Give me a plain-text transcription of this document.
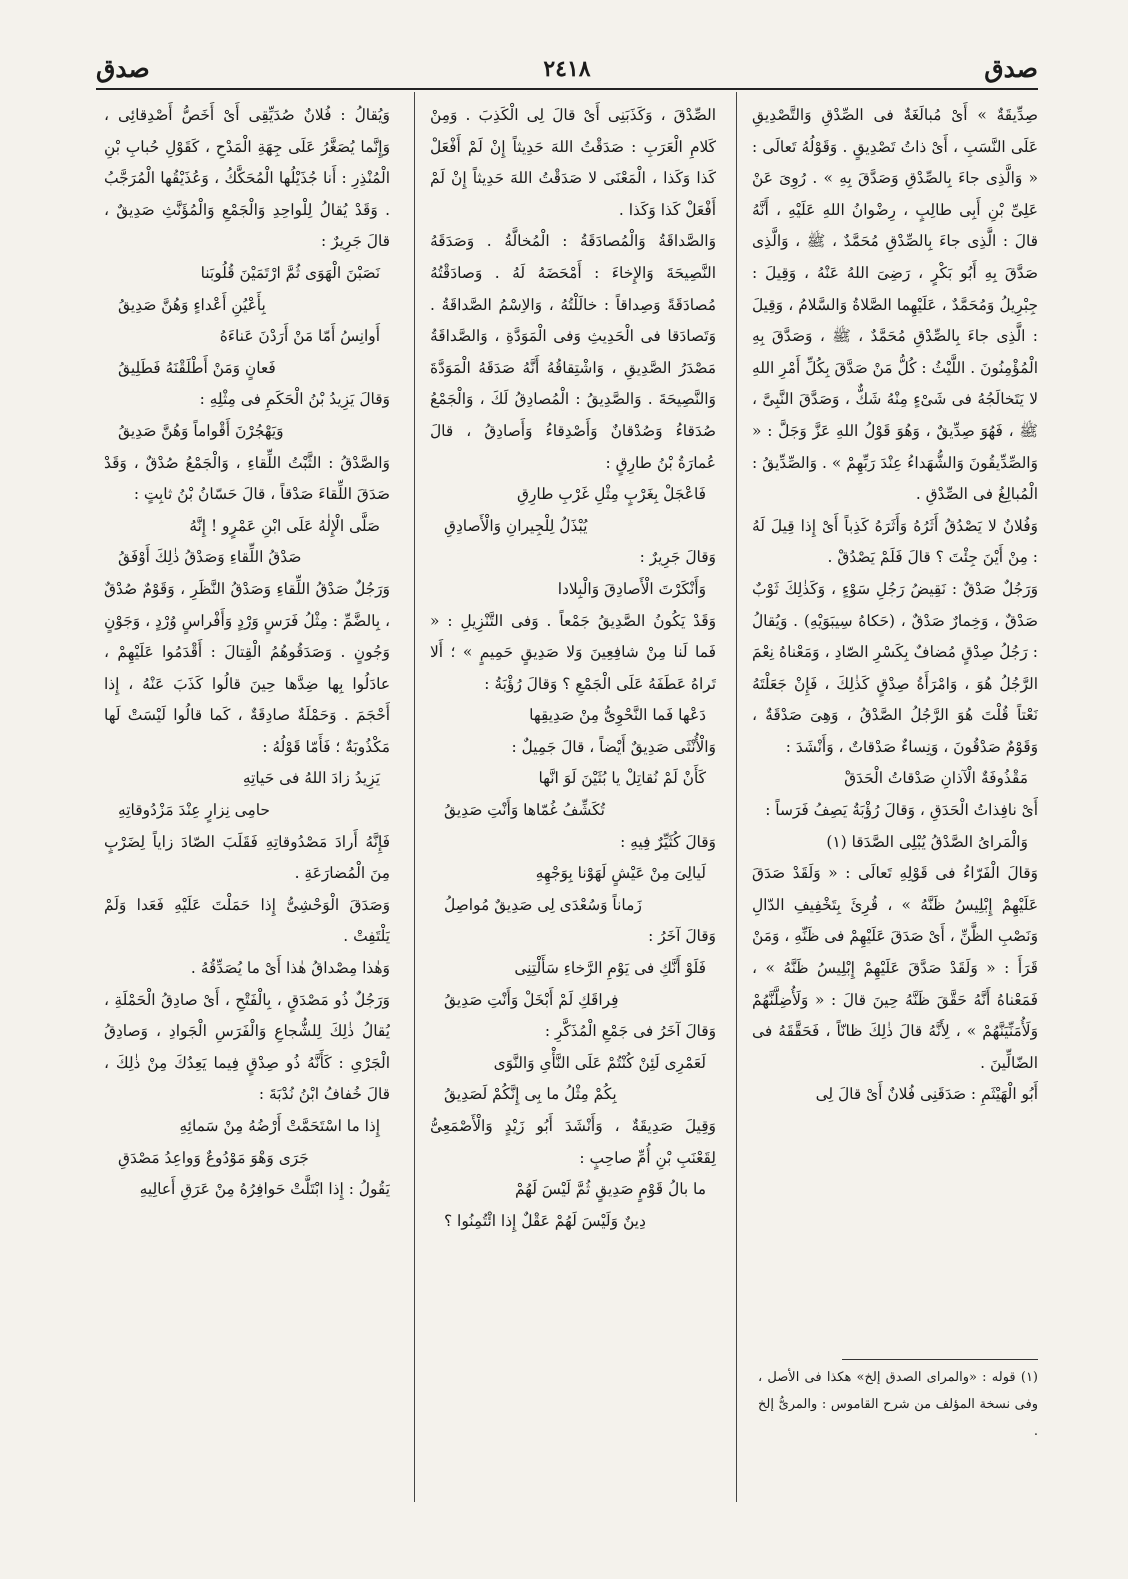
صدق
٢٤١٨
صدق

صِدِّيقَةٌ » أَىْ مُبالَغَةٌ فى الصِّدْقِ وَالتَّصْدِيقِ عَلَى النَّسَبِ ، أَىْ ذاتُ تَصْدِيقٍ . وَقَوْلُهُ تَعالَى : « وَالَّذِى جاءَ بِالصِّدْقِ وَصَدَّقَ بِهِ » . رُوِىَ عَنْ عَلِىِّ بْنِ أَبِى طالِبٍ ، رِضْوانُ اللهِ عَلَيْهِ ، أَنَّهُ قالَ : الَّذِى جاءَ بِالصِّدْقِ مُحَمَّدٌ ، ﷺ ، وَالَّذِى صَدَّقَ بِهِ أَبُو بَكْرٍ ، رَضِىَ اللهُ عَنْهُ ، وَقِيلَ : جِبْرِيلُ وَمُحَمَّدٌ ، عَلَيْهِما الصَّلاةُ وَالسَّلامُ ، وَقِيلَ : الَّذِى جاءَ بِالصِّدْقِ مُحَمَّدٌ ، ﷺ ، وَصَدَّقَ بِهِ الْمُؤْمِنُونَ . اللَّيْثُ : كُلُّ مَنْ صَدَّقَ بِكُلِّ أَمْرِ اللهِ لا يَتَخالَجُهُ فى شَىْءٍ مِنْهُ شَكٌّ ، وَصَدَّقَ النَّبِىَّ ، ﷺ ، فَهُوَ صِدِّيقٌ ، وَهُوَ قَوْلُ اللهِ عَزَّ وَجَلَّ : « وَالصِّدِّيقُونَ وَالشُّهَداءُ عِنْدَ رَبِّهِمْ » . وَالصِّدِّيقُ : الْمُبالِغُ فى الصِّدْقِ .

وَفُلانٌ لا يَصْدُقُ أَثَرُهُ وَأَثَرَهُ كَذِباً أَىْ إِذا قِيلَ لَهُ : مِنْ أَيْنَ جِئْتَ ؟ قالَ فَلَمْ يَصْدُقْ .

وَرَجُلٌ صَدْقٌ : نَقِيضُ رَجُلِ سَوْءٍ ، وَكَذٰلِكَ ثَوْبٌ صَدْقٌ ، وَخِمارٌ صَدْقٌ ، (حَكاهُ سِيبَوَيْهِ) . وَيُقالُ : رَجُلُ صِدْقٍ مُضافٌ بِكَسْرِ الصّادِ ، وَمَعْناهُ نِعْمَ الرَّجُلُ هُوَ ، وَامْرَأَةُ صِدْقٍ كَذٰلِكَ ، فَإِنْ جَعَلْتَهُ نَعْتاً قُلْتَ هُوَ الرَّجُلُ الصَّدْقُ ، وَهِىَ صَدْقَةٌ ، وَقَوْمٌ صَدْقُونَ ، وَنِساءٌ صَدْقاتٌ ، وَأَنْشَدَ :

مَقْذُوفَةٌ الْآذانِ صَدْقاتُ الْحَدَقْ

أَىْ نافِذاتُ الْحَدَقِ ، وَقالَ رُؤْبَةُ يَصِفُ فَرَساً :

وَالْمَراىُ الصَّدْقُ يُبْلِى الصَّدَقا (١)

وَقالَ الْفَرّاءُ فى قَوْلِهِ تَعالَى : « وَلَقَدْ صَدَقَ عَلَيْهِمْ إِبْلِيسُ ظَنَّهُ » ، قُرِئَ بِتَخْفِيفِ الدّالِ وَنَصْبِ الظَّنِّ ، أَىْ صَدَقَ عَلَيْهِمْ فى ظَنِّهِ ، وَمَنْ قَرَأَ : « وَلَقَدْ صَدَّقَ عَلَيْهِمْ إِبْلِيسُ ظَنَّهُ » ، فَمَعْناهُ أَنَّهُ حَقَّقَ ظَنَّهُ حِينَ قالَ : « وَلَأُضِلَّنَّهُمْ وَلَأُمَنِّيَنَّهُمْ » ، لِأَنَّهُ قالَ ذٰلِكَ ظانّاً ، فَحَقَّقَهُ فى الضّالِّينَ .

أَبُو الْهَيْثَمِ : صَدَقَنِى فُلانٌ أَىْ قالَ لِى

(١) قوله : «والمراى الصدق إلخ» هكذا فى الأصل ، وفى نسخة المؤلف من شرح القاموس : والمرىُّ إلخ .

الصِّدْقَ ، وَكَذَبَنِى أَىْ قالَ لِى الْكَذِبَ . وَمِنْ كَلامِ الْعَرَبِ : صَدَقْتُ اللهَ حَدِيثاً إِنْ لَمْ أَفْعَلْ كَذا وَكَذا ، الْمَعْنَى لا صَدَقْتُ اللهَ حَدِيثاً إِنْ لَمْ أَفْعَلْ كَذا وَكَذا .

وَالصَّداقَةُ وَالْمُصادَقَةُ : الْمُخالَّةُ . وَصَدَقَهُ النَّصِيحَةَ وَالإِخاءَ : أَمْحَضَهُ لَهُ . وَصادَقْتُهُ مُصادَقَةً وَصِداقاً : خالَلْتُهُ ، وَالاِسْمُ الصَّداقَةُ . وَتَصادَقا فى الْحَدِيثِ وَفى الْمَوَدَّةِ ، وَالصَّداقَةُ مَصْدَرُ الصَّدِيقِ ، وَاشْتِقاقُهُ أَنَّهُ صَدَقَهُ الْمَوَدَّةَ وَالنَّصِيحَةَ . وَالصَّدِيقُ : الْمُصادِقُ لَكَ ، وَالْجَمْعُ صُدَقاءُ وَصُدْقانٌ وَأَصْدِقاءُ وَأَصادِقُ ، قالَ عُمارَةُ بْنُ طارِقٍ :

فَاعْجَلْ بِغَرْبٍ مِثْلِ غَرْبِ طارِقِ
يُبْذَلُ لِلْجِيرانِ وَالْأَصادِقِ

وَقالَ جَرِيرٌ :

وَأَنْكَرْتَ الْأَصادِقَ وَالْبِلادا

وَقَدْ يَكُونُ الصَّدِيقُ جَمْعاً . وَفى التَّنْزِيلِ : « فَما لَنا مِنْ شافِعِينَ وَلا صَدِيقٍ حَمِيمٍ » ؛ أَلا تَراهُ عَطَفَهُ عَلَى الْجَمْعِ ؟ وَقالَ رُؤْبَةُ :

دَعْها فَما النَّحْوِىُّ مِنْ صَدِيقِها

وَالْأُنْثَى صَدِيقٌ أَيْضاً ، قالَ جَمِيلٌ :

كَأَنْ لَمْ نُقاتِلْ يا بُثَيْنَ لَوَ انَّها
تُكَشِّفُ غُمّاها وَأَنْتِ صَدِيقُ

وَقالَ كُثَيِّرٌ فِيهِ :

لَيالِىَ مِنْ عَيْشٍ لَهَوْنا بِوَجْهِهِ
زَماناً وَسُعْدَى لِى صَدِيقٌ مُواصِلُ

وَقالَ آخَرُ :

فَلَوْ أَنَّكِ فى يَوْمِ الرَّخاءِ سَأَلْتِنِى
فِراقَكِ لَمْ أَبْخَلْ وَأَنْتِ صَدِيقُ

وَقالَ آخَرُ فى جَمْعِ الْمُذَكَّرِ :

لَعَمْرِى لَئِنْ كُنْتُمْ عَلَى النَّأْىِ وَالنَّوَى
بِكُمْ مِثْلُ ما بِى إِنَّكُمْ لَصَدِيقُ

وَقِيلَ صَدِيقَةٌ ، وَأَنْشَدَ أَبُو زَيْدٍ وَالْأَصْمَعِىُّ لِقَعْنَبِ بْنِ أُمِّ صاحِبٍ :

ما بالُ قَوْمٍ صَدِيقٍ ثُمَّ لَيْسَ لَهُمْ
دِينٌ وَلَيْسَ لَهُمْ عَقْلٌ إِذا ائْتُمِنُوا ؟

وَيُقالُ : فُلانٌ صُدَيِّقِى أَىْ أَخَصُّ أَصْدِقائِى ، وَإِنَّما يُصَغَّرُ عَلَى جِهَةِ الْمَدْحِ ، كَقَوْلِ حُبابِ بْنِ الْمُنْذِرِ : أَنا جُذَيْلُها الْمُحَكَّكُ ، وَعُذَيْقُها الْمُرَجَّبُ . وَقَدْ يُقالُ لِلْواحِدِ وَالْجَمْعِ وَالْمُؤَنَّثِ صَدِيقٌ ، قالَ جَرِيرٌ :

نَصَبْنَ الْهَوَى ثُمَّ ارْتَمَيْنَ قُلُوبَنا
بِأَعْيُنِ أَعْداءٍ وَهُنَّ صَدِيقُ
أَوانِسُ أَمّا مَنْ أَرَدْنَ عَناءَهُ
فَعانٍ وَمَنْ أَطْلَقْنَهُ فَطَلِيقُ

وَقالَ يَزِيدُ بْنُ الْحَكَمِ فى مِثْلِهِ :

وَيَهْجُرْنَ أَقْواماً وَهُنَّ صَدِيقُ

وَالصَّدْقُ : الثَّبْتُ اللِّقاءِ ، وَالْجَمْعُ صُدْقٌ ، وَقَدْ صَدَقَ اللِّقاءَ صَدْقاً ، قالَ حَسّانُ بْنُ ثابِتٍ :

صَلَّى الْإِلٰهُ عَلَى ابْنِ عَمْرٍو ! إِنَّهُ
صَدْقُ اللِّقاءِ وَصَدْقُ ذٰلِكَ أَوْفَقُ

وَرَجُلٌ صَدْقُ اللِّقاءِ وَصَدْقُ النَّظَرِ ، وَقَوْمٌ صُدْقٌ ، بِالضَّمِّ : مِثْلُ فَرَسٍ وَرْدٍ وَأَفْراسٍ وُرْدٍ ، وَجَوْنٍ وَجُونٍ . وَصَدَقُوهُمُ الْقِتالَ : أَقْدَمُوا عَلَيْهِمْ ، عادَلُوا بِها ضِدَّها حِينَ قالُوا كَذَبَ عَنْهُ ، إِذا أَحْجَمَ . وَحَمْلَةٌ صادِقَةٌ ، كَما قالُوا لَيْسَتْ لَها مَكْذُوبَةٌ ؛ فَأَمّا قَوْلُهُ :

يَزِيدُ زادَ اللهُ فى حَياتِهِ
حامِى نِزارٍ عِنْدَ مَزْدُوقاتِهِ

فَإِنَّهُ أَرادَ مَصْدُوقاتِهِ فَقَلَبَ الصّادَ زاياً لِضَرْبٍ مِنَ الْمُضارَعَةِ .

وَصَدَقَ الْوَحْشِىُّ إِذا حَمَلْتَ عَلَيْهِ فَعَدا وَلَمْ يَلْتَفِتْ .

وَهٰذا مِصْداقُ هٰذا أَىْ ما يُصَدِّقُهُ .

وَرَجُلٌ ذُو مَصْدَقٍ ، بِالْفَتْحِ ، أَىْ صادِقُ الْحَمْلَةِ ، يُقالُ ذٰلِكَ لِلشُّجاعِ وَالْفَرَسِ الْجَوادِ ، وَصادِقُ الْجَرْىِ : كَأَنَّهُ ذُو صِدْقٍ فِيما يَعِدُكَ مِنْ ذٰلِكَ ، قالَ خُفافُ ابْنُ نُدْبَةَ :

إِذا ما اسْتَحَمَّتْ أَرْضُهُ مِنْ سَمائِهِ
جَرَى وَهْوَ مَوْدُوعٌ وَواعِدُ مَصْدَقِ

يَقُولُ : إِذا ابْتَلَّتْ حَوافِرُهُ مِنْ عَرَقِ أَعالِيهِ
